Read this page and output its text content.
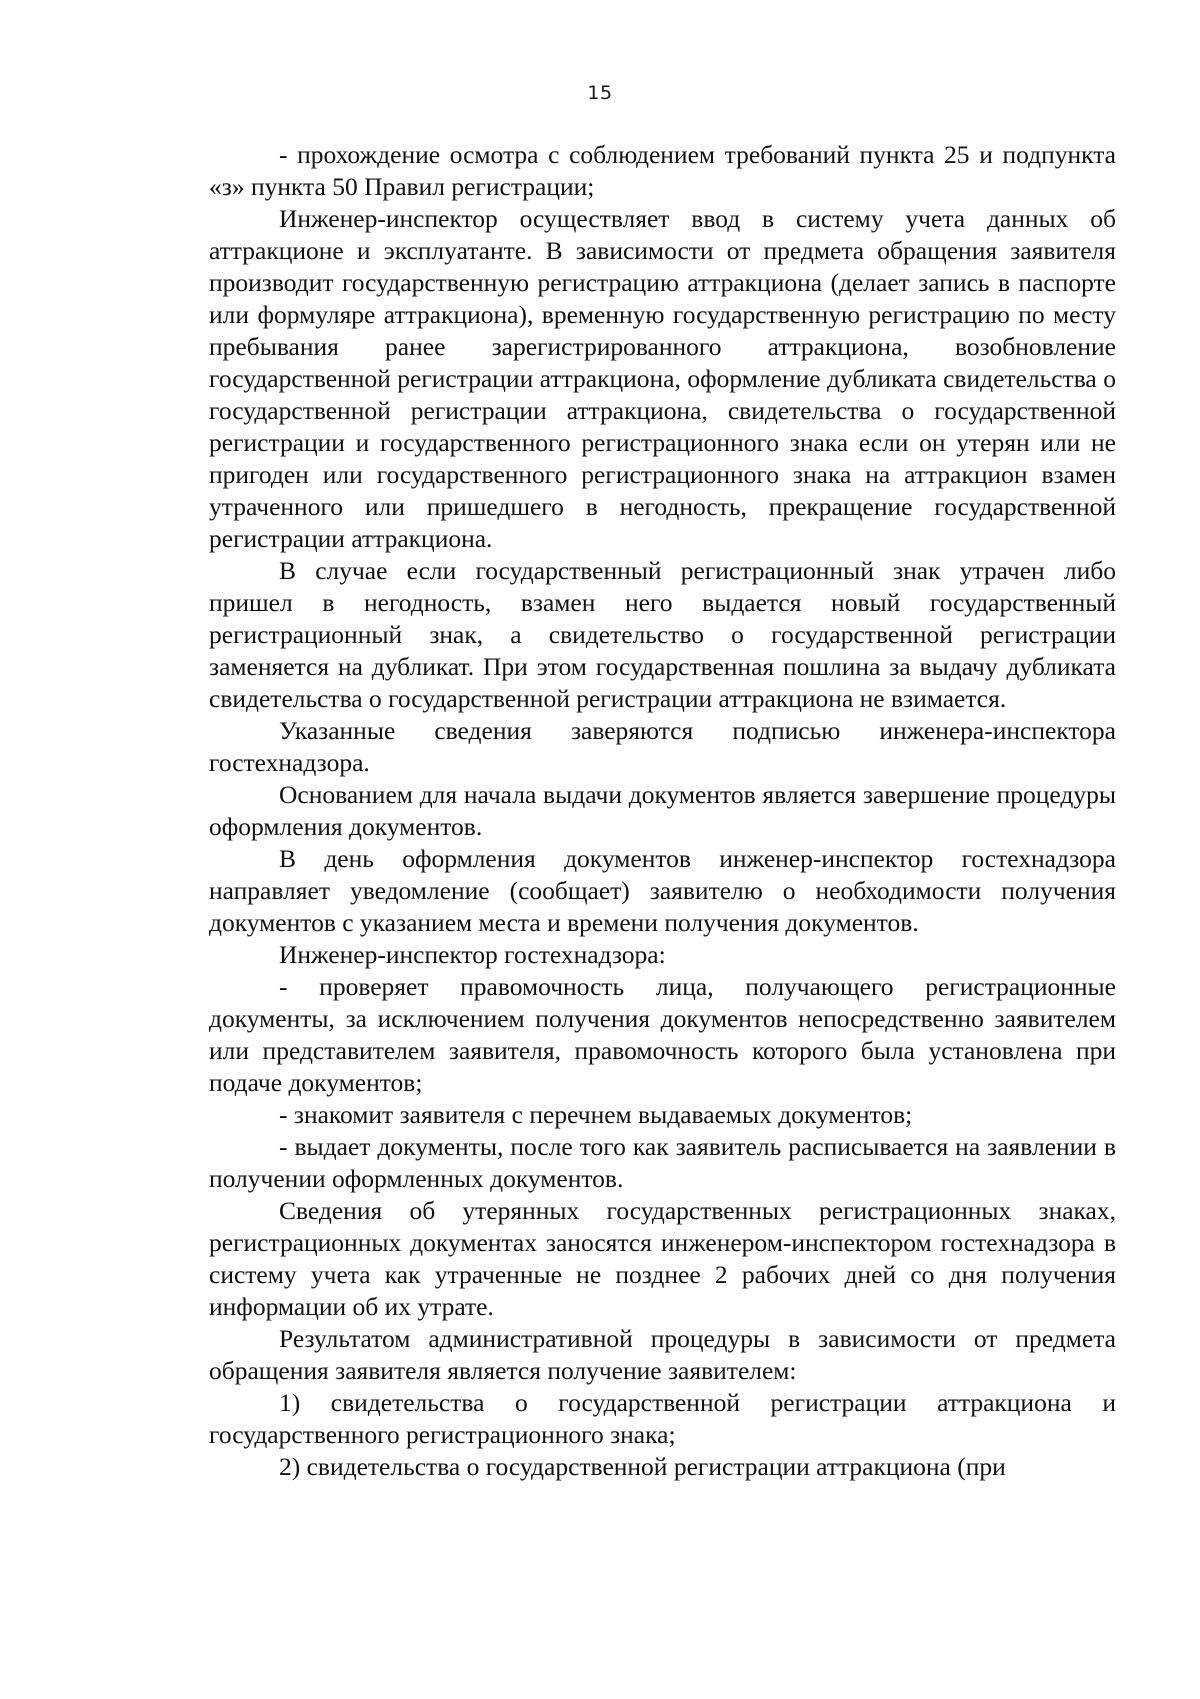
15

- прохождение осмотра с соблюдением требований пункта 25 и подпункта «з» пункта 50 Правил регистрации;

Инженер-инспектор осуществляет ввод в систему учета данных об аттракционе и эксплуатанте. В зависимости от предмета обращения заявителя производит государственную регистрацию аттракциона (делает запись в паспорте или формуляре аттракциона), временную государственную регистрацию по месту пребывания ранее зарегистрированного аттракциона, возобновление государственной регистрации аттракциона, оформление дубликата свидетельства о государственной регистрации аттракциона, свидетельства о государственной регистрации и государственного регистрационного знака если он утерян или не пригоден или государственного регистрационного знака на аттракцион взамен утраченного или пришедшего в негодность, прекращение государственной регистрации аттракциона.

В случае если государственный регистрационный знак утрачен либо пришел в негодность, взамен него выдается новый государственный регистрационный знак, а свидетельство о государственной регистрации заменяется на дубликат. При этом государственная пошлина за выдачу дубликата свидетельства о государственной регистрации аттракциона не взимается.

Указанные сведения заверяются подписью инженера-инспектора гостехнадзора.

Основанием для начала выдачи документов является завершение процедуры оформления документов.

В день оформления документов инженер-инспектор гостехнадзора направляет уведомление (сообщает) заявителю о необходимости получения документов с указанием места и времени получения документов.

Инженер-инспектор гостехнадзора:

- проверяет правомочность лица, получающего регистрационные документы, за исключением получения документов непосредственно заявителем или представителем заявителя, правомочность которого была установлена при подаче документов;

- знакомит заявителя с перечнем выдаваемых документов;

- выдает документы, после того как заявитель расписывается на заявлении в получении оформленных документов.

Сведения об утерянных государственных регистрационных знаках, регистрационных документах заносятся инженером-инспектором гостехнадзора в систему учета как утраченные не позднее 2 рабочих дней со дня получения информации об их утрате.

Результатом административной процедуры в зависимости от предмета обращения заявителя является получение заявителем:

1) свидетельства о государственной регистрации аттракциона и государственного регистрационного знака;

2) свидетельства о государственной регистрации аттракциона (при
